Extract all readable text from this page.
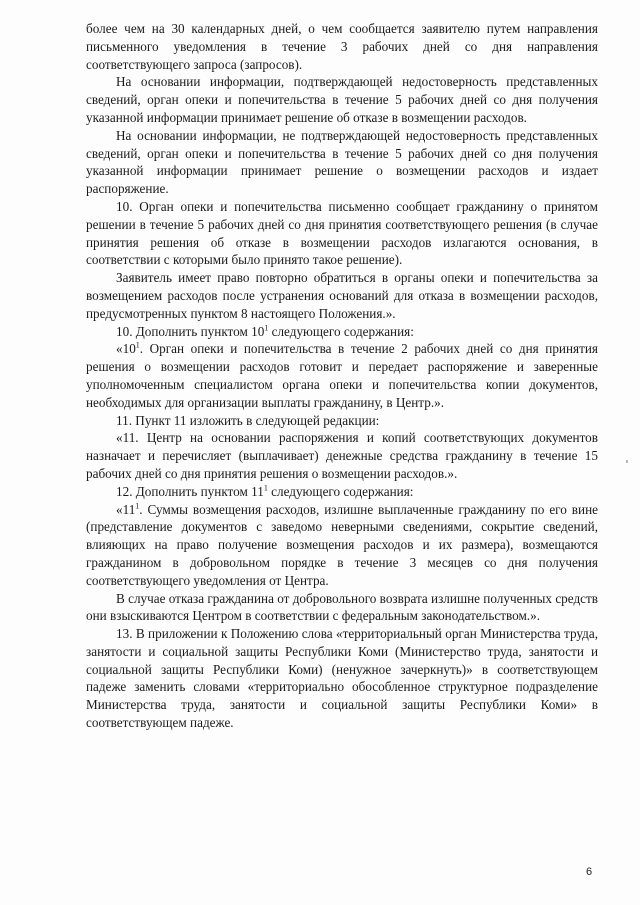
более чем на 30 календарных дней, о чем сообщается заявителю путем направления письменного уведомления в течение 3 рабочих дней со дня направления соответствующего запроса (запросов).

На основании информации, подтверждающей недостоверность представленных сведений, орган опеки и попечительства в течение 5 рабочих дней со дня получения указанной информации принимает решение об отказе в возмещении расходов.

На основании информации, не подтверждающей недостоверность представленных сведений, орган опеки и попечительства в течение 5 рабочих дней со дня получения указанной информации принимает решение о возмещении расходов и издает распоряжение.

10. Орган опеки и попечительства письменно сообщает гражданину о принятом решении в течение 5 рабочих дней со дня принятия соответствующего решения (в случае принятия решения об отказе в возмещении расходов излагаются основания, в соответствии с которыми было принято такое решение).

Заявитель имеет право повторно обратиться в органы опеки и попечительства за возмещением расходов после устранения оснований для отказа в возмещении расходов, предусмотренных пунктом 8 настоящего Положения.».

10. Дополнить пунктом $10^1$ следующего содержания:

«$10^1$. Орган опеки и попечительства в течение 2 рабочих дней со дня принятия решения о возмещении расходов готовит и передает распоряжение и заверенные уполномоченным специалистом органа опеки и попечительства копии документов, необходимых для организации выплаты гражданину, в Центр.».

11. Пункт 11 изложить в следующей редакции:

«11. Центр на основании распоряжения и копий соответствующих документов назначает и перечисляет (выплачивает) денежные средства гражданину в течение 15 рабочих дней со дня принятия решения о возмещении расходов.».

12. Дополнить пунктом $11^1$ следующего содержания:

«$11^1$. Суммы возмещения расходов, излишне выплаченные гражданину по его вине (представление документов с заведомо неверными сведениями, сокрытие сведений, влияющих на право получение возмещения расходов и их размера), возмещаются гражданином в добровольном порядке в течение 3 месяцев со дня получения соответствующего уведомления от Центра.

В случае отказа гражданина от добровольного возврата излишне полученных средств они взыскиваются Центром в соответствии с федеральным законодательством.».

13. В приложении к Положению слова «территориальный орган Министерства труда, занятости и социальной защиты Республики Коми (Министерство труда, занятости и социальной защиты Республики Коми) (ненужное зачеркнуть)» в соответствующем падеже заменить словами «территориально обособленное структурное подразделение Министерства труда, занятости и социальной защиты Республики Коми» в соответствующем падеже.

6
